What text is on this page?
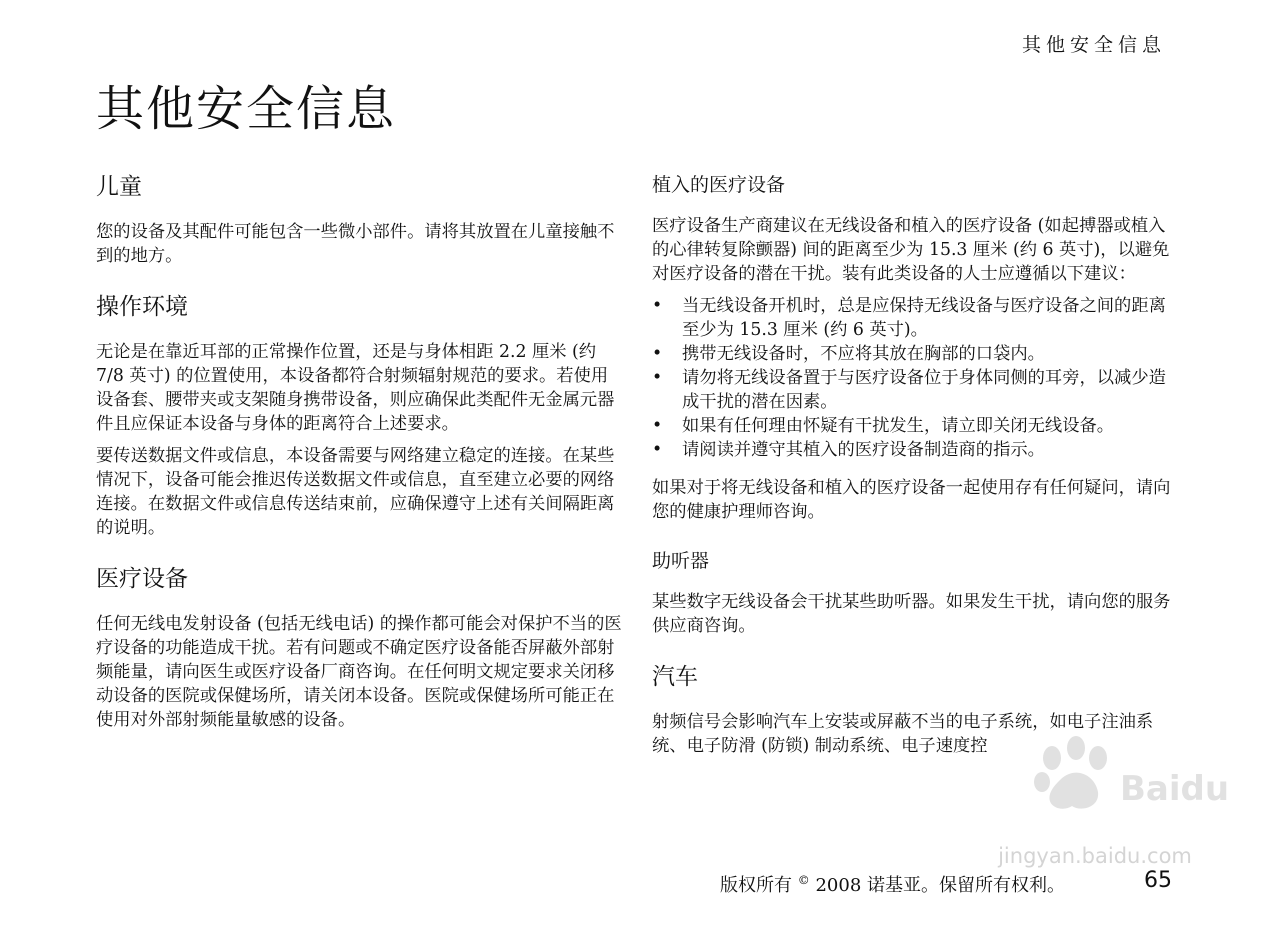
其他安全信息
其他安全信息
儿童

您的设备及其配件可能包含一些微小部件。请将其放置在儿童接触不到的地方。

操作环境

无论是在靠近耳部的正常操作位置，还是与身体相距 2.2 厘米 (约 7/8 英寸) 的位置使用，本设备都符合射频辐射规范的要求。若使用设备套、腰带夹或支架随身携带设备，则应确保此类配件无金属元器件且应保证本设备与身体的距离符合上述要求。

要传送数据文件或信息，本设备需要与网络建立稳定的连接。在某些情况下，设备可能会推迟传送数据文件或信息，直至建立必要的网络连接。在数据文件或信息传送结束前，应确保遵守上述有关间隔距离的说明。

医疗设备

任何无线电发射设备 (包括无线电话) 的操作都可能会对保护不当的医疗设备的功能造成干扰。若有问题或不确定医疗设备能否屏蔽外部射频能量，请向医生或医疗设备厂商咨询。在任何明文规定要求关闭移动设备的医院或保健场所，请关闭本设备。医院或保健场所可能正在使用对外部射频能量敏感的设备。

植入的医疗设备

医疗设备生产商建议在无线设备和植入的医疗设备 (如起搏器或植入的心律转复除颤器) 间的距离至少为 15.3 厘米 (约 6 英寸)，以避免对医疗设备的潜在干扰。装有此类设备的人士应遵循以下建议：

• 当无线设备开机时，总是应保持无线设备与医疗设备之间的距离至少为 15.3 厘米 (约 6 英寸)。
• 携带无线设备时，不应将其放在胸部的口袋内。
• 请勿将无线设备置于与医疗设备位于身体同侧的耳旁，以减少造成干扰的潜在因素。
• 如果有任何理由怀疑有干扰发生，请立即关闭无线设备。
• 请阅读并遵守其植入的医疗设备制造商的指示。

如果对于将无线设备和植入的医疗设备一起使用存有任何疑问，请向您的健康护理师咨询。

助听器

某些数字无线设备会干扰某些助听器。如果发生干扰，请向您的服务供应商咨询。

汽车

射频信号会影响汽车上安装或屏蔽不当的电子系统，如电子注油系统、电子防滑 (防锁) 制动系统、电子速度控

Baidu
jingyan.baidu.com
版权所有 © 2008 诺基亚。保留所有权利。	65
